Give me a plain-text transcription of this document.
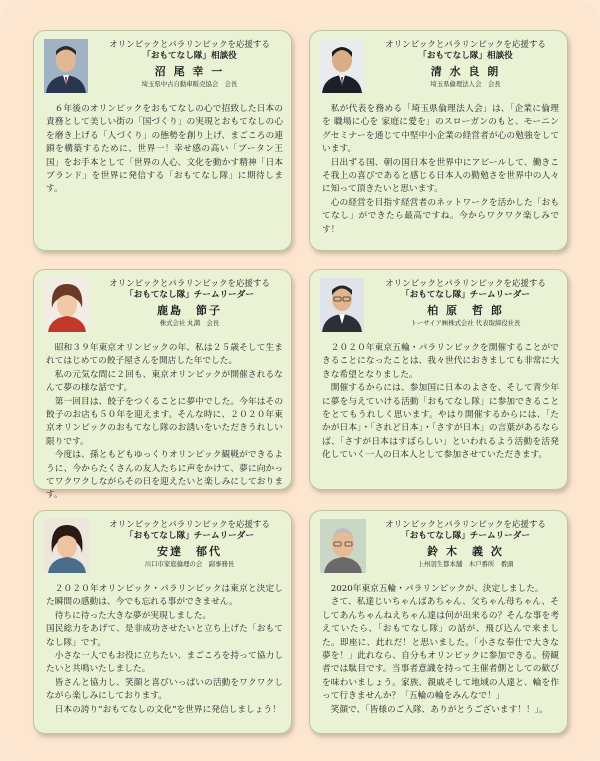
オリンピックとパラリンピックを応援する
「おもてなし隊」相談役
沼 尾 幸 一
埼玉県中古自動車販売協会　会長

６年後のオリンピックをおもてなしの心で招致した日本の責務として美しい街の「国づくり」の実現とおもてなしの心を磨き上げる「人づくり」の態勢を創り上げ、まごころの連鎖を構築するために、世界一！幸せ感の高い「ブータン王国」をお手本として「世界の人心、文化を動かす精神「日本ブランド」を世界に発信する「おもてなし隊」に期待します。

オリンピックとパラリンピックを応援する
「おもてなし隊」相談役
清 水 良 朗
埼玉県倫理法人会　会長

私が代表を務める「埼玉県倫理法人会」は、「企業に倫理を 職場に心を 家庭に愛を」のスローガンのもと、モーニングセミナーを通じて中堅中小企業の経営者が心の勉強をしています。

日出ずる国、朝の国日本を世界中にアピールして、働きこそ我上の喜びであると感じる日本人の勤勉さを世界中の人々に知って頂きたいと思います。

心の経営を目指す経営者のネットワークを活かした「おもてなし」ができたら最高ですね。今からワクワク楽しみです！

オリンピックとパラリンピックを応援する
「おもてなし隊」チームリーダー
鹿島　節子
株式会社 丸満　会長

昭和３９年東京オリンピックの年、私は２５歳そして生まれてはじめての餃子屋さんを開店した年でした。

私の元気な間に２回も、東京オリンピックが開催されるなんて夢の様な話です。

第一回目は、餃子をつくることに夢中でした。今年はその餃子のお店も５０年を迎えます。そんな時に、２０２０年東京オリンピックのおもてなし隊のお誘いをいただきうれしい限りです。

今度は、孫ともどもゆっくりオリンピック観戦ができるように、今からたくさんの友人たちに声をかけて、夢に向かってワクワクしながらその日を迎えたいと楽しみにしております。

オリンピックとパラリンピックを応援する
「おもてなし隊」チームリーダー
柏 原　哲 郎
トーサイア㈱株式会社 代表取締役社長

２０２０年東京五輪・パラリンピックを開催することができることになったことは、我々世代におきましても非常に大きな希望となりました。

開催するからには、参加国に日本のよさを、そして青少年に夢を与えていける活動「おもてなし隊」に参加できることをとてもうれしく思います。やはり開催するからには、「たかが日本」・「されど日本」・「さすが日本」の言葉があるならば、「さすが日本はすばらしい」といわれるよう活動を活発化していく一人の日本人として参加させていただきます。

オリンピックとパラリンピックを応援する
「おもてなし隊」チームリーダー
安達　郁代
川口市家庭倫理の会　副事務長

２０２０年オリンピック・パラリンピックは東京と決定した瞬間の感動は、今でも忘れる事ができません。

待ちに待った大きな夢が実現しました。

国民総力をあげて、是非成功させたいと立ち上げた「おもてなし隊」です。

小さな一人でもお役に立ちたい、まごころを持って協力したいと共鳴いたしました。

皆さんと協力し、笑顔と喜びいっぱいの活動をワクワクしながら楽しみにしております。

日本の誇り”おもてなしの文化”を世界に発信しましょう！

オリンピックとパラリンピックを応援する
「おもてなし隊」チームリーダー
鈴 木　義 次
上州羽生都本舗　木戸番所　番頭

2020年東京五輪・パラリンピックが、決定しました。

さて、私達じいちゃんばあちゃん、父ちゃん母ちゃん、そしてあんちゃんねえちゃん達は何が出来るの？そんな事を考えていたら、「おもてなし隊」の話が、飛び込んで来ました。即座に、此れだ！と思いました。「小さな奉仕で大きな夢を！」此れなら、自分もオリンピックに参加できる。傍観者では駄目です。当事者意識を持って主催者側としての歓びを味わいましょう。家族、親戚そして地域の人達と、輪を作って行きませんか？「五輪の輪をみんなで！」

笑顔で、「皆様のご入隊、ありがとうございます！！」。
